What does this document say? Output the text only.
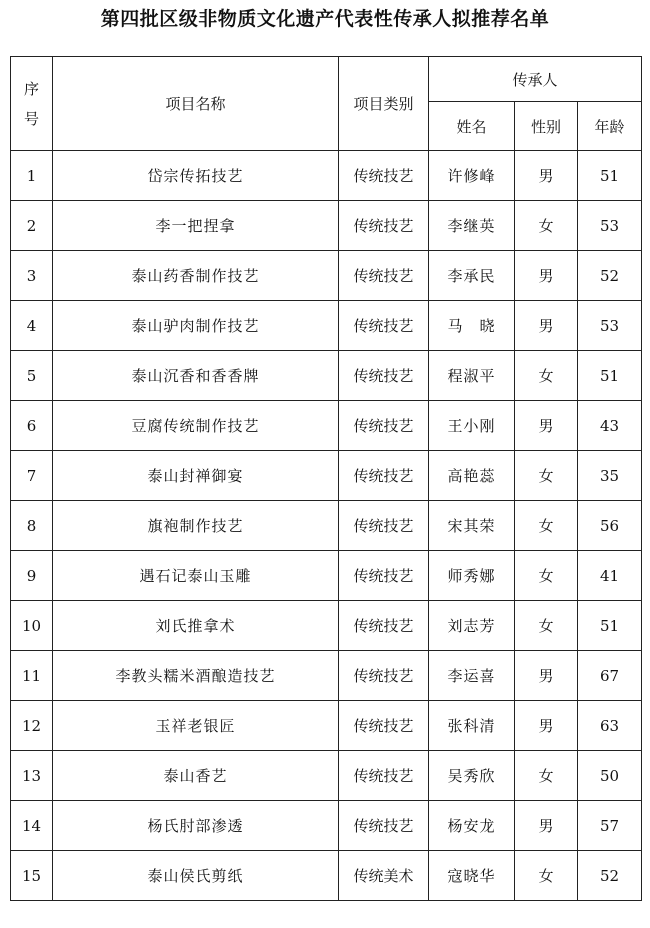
第四批区级非物质文化遗产代表性传承人拟推荐名单
序
号	项目名称	项目类别	传承人		
			姓名	性别	年龄
1	岱宗传拓技艺	传统技艺	许修峰	男	51
2	李一把捏拿	传统技艺	李继英	女	53
3	泰山药香制作技艺	传统技艺	李承民	男	52
4	泰山驴肉制作技艺	传统技艺	马　晓	男	53
5	泰山沉香和香香牌	传统技艺	程淑平	女	51
6	豆腐传统制作技艺	传统技艺	王小刚	男	43
7	泰山封禅御宴	传统技艺	高艳蕊	女	35
8	旗袍制作技艺	传统技艺	宋其荣	女	56
9	遇石记泰山玉雕	传统技艺	师秀娜	女	41
10	刘氏推拿术	传统技艺	刘志芳	女	51
11	李教头糯米酒酿造技艺	传统技艺	李运喜	男	67
12	玉祥老银匠	传统技艺	张科清	男	63
13	泰山香艺	传统技艺	吴秀欣	女	50
14	杨氏肘部渗透	传统技艺	杨安龙	男	57
15	泰山侯氏剪纸	传统美术	寇晓华	女	52
